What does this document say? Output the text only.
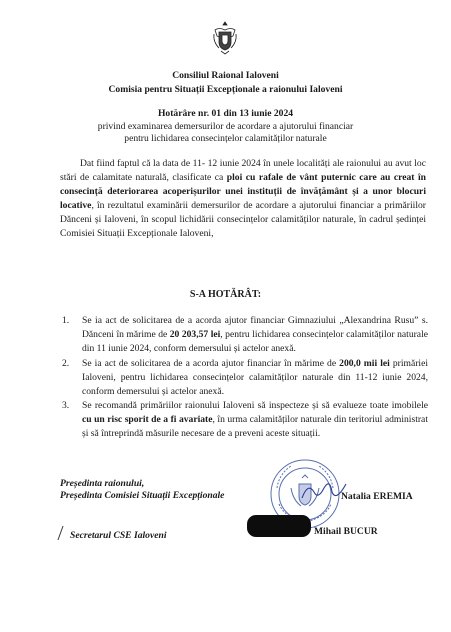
Consiliul Raional Ialoveni
Comisia pentru Situații Excepționale a raionului Ialoveni
Hotărâre nr. 01 din 13 iunie 2024
privind examinarea demersurilor de acordare a ajutorului financiar
pentru lichidarea consecințelor calamităților naturale
Dat fiind faptul că la data de 11- 12 iunie 2024 în unele localități ale raionului au avut loc stări de calamitate naturală, clasificate ca ploi cu rafale de vânt puternic care au creat în consecință deteriorarea acoperișurilor unei instituții de învățământ și a unor blocuri locative, în rezultatul examinării demersurilor de acordare a ajutorului financiar a primăriilor Dănceni și Ialoveni, în scopul lichidării consecințelor calamităților naturale, în cadrul ședinței Comisiei Situații Excepționale Ialoveni,
S-A HOTĂRÂT:
1. Se ia act de solicitarea de a acorda ajutor financiar Gimnaziului „Alexandrina Rusu” s. Dănceni în mărime de 20 203,57 lei, pentru lichidarea consecințelor calamităților naturale din 11 iunie 2024, conform demersului și actelor anexă.
2. Se ia act de solicitarea de a acorda ajutor financiar în mărime de 200,0 mii lei primăriei Ialoveni, pentru lichidarea consecințelor calamităților naturale din 11-12 iunie 2024, conform demersului și actelor anexă.
3. Se recomandă primăriilor raionului Ialoveni să inspecteze și să evalueze toate imobilele cu un risc sporit de a fi avariate, în urma calamităților naturale din teritoriul administrat și să întreprindă măsurile necesare de a preveni aceste situații.
Președinta raionului,
Președinta Comisiei Situații Excepționale	Natalia EREMIA
Secretarul CSE Ialoveni	Mihail BUCUR
